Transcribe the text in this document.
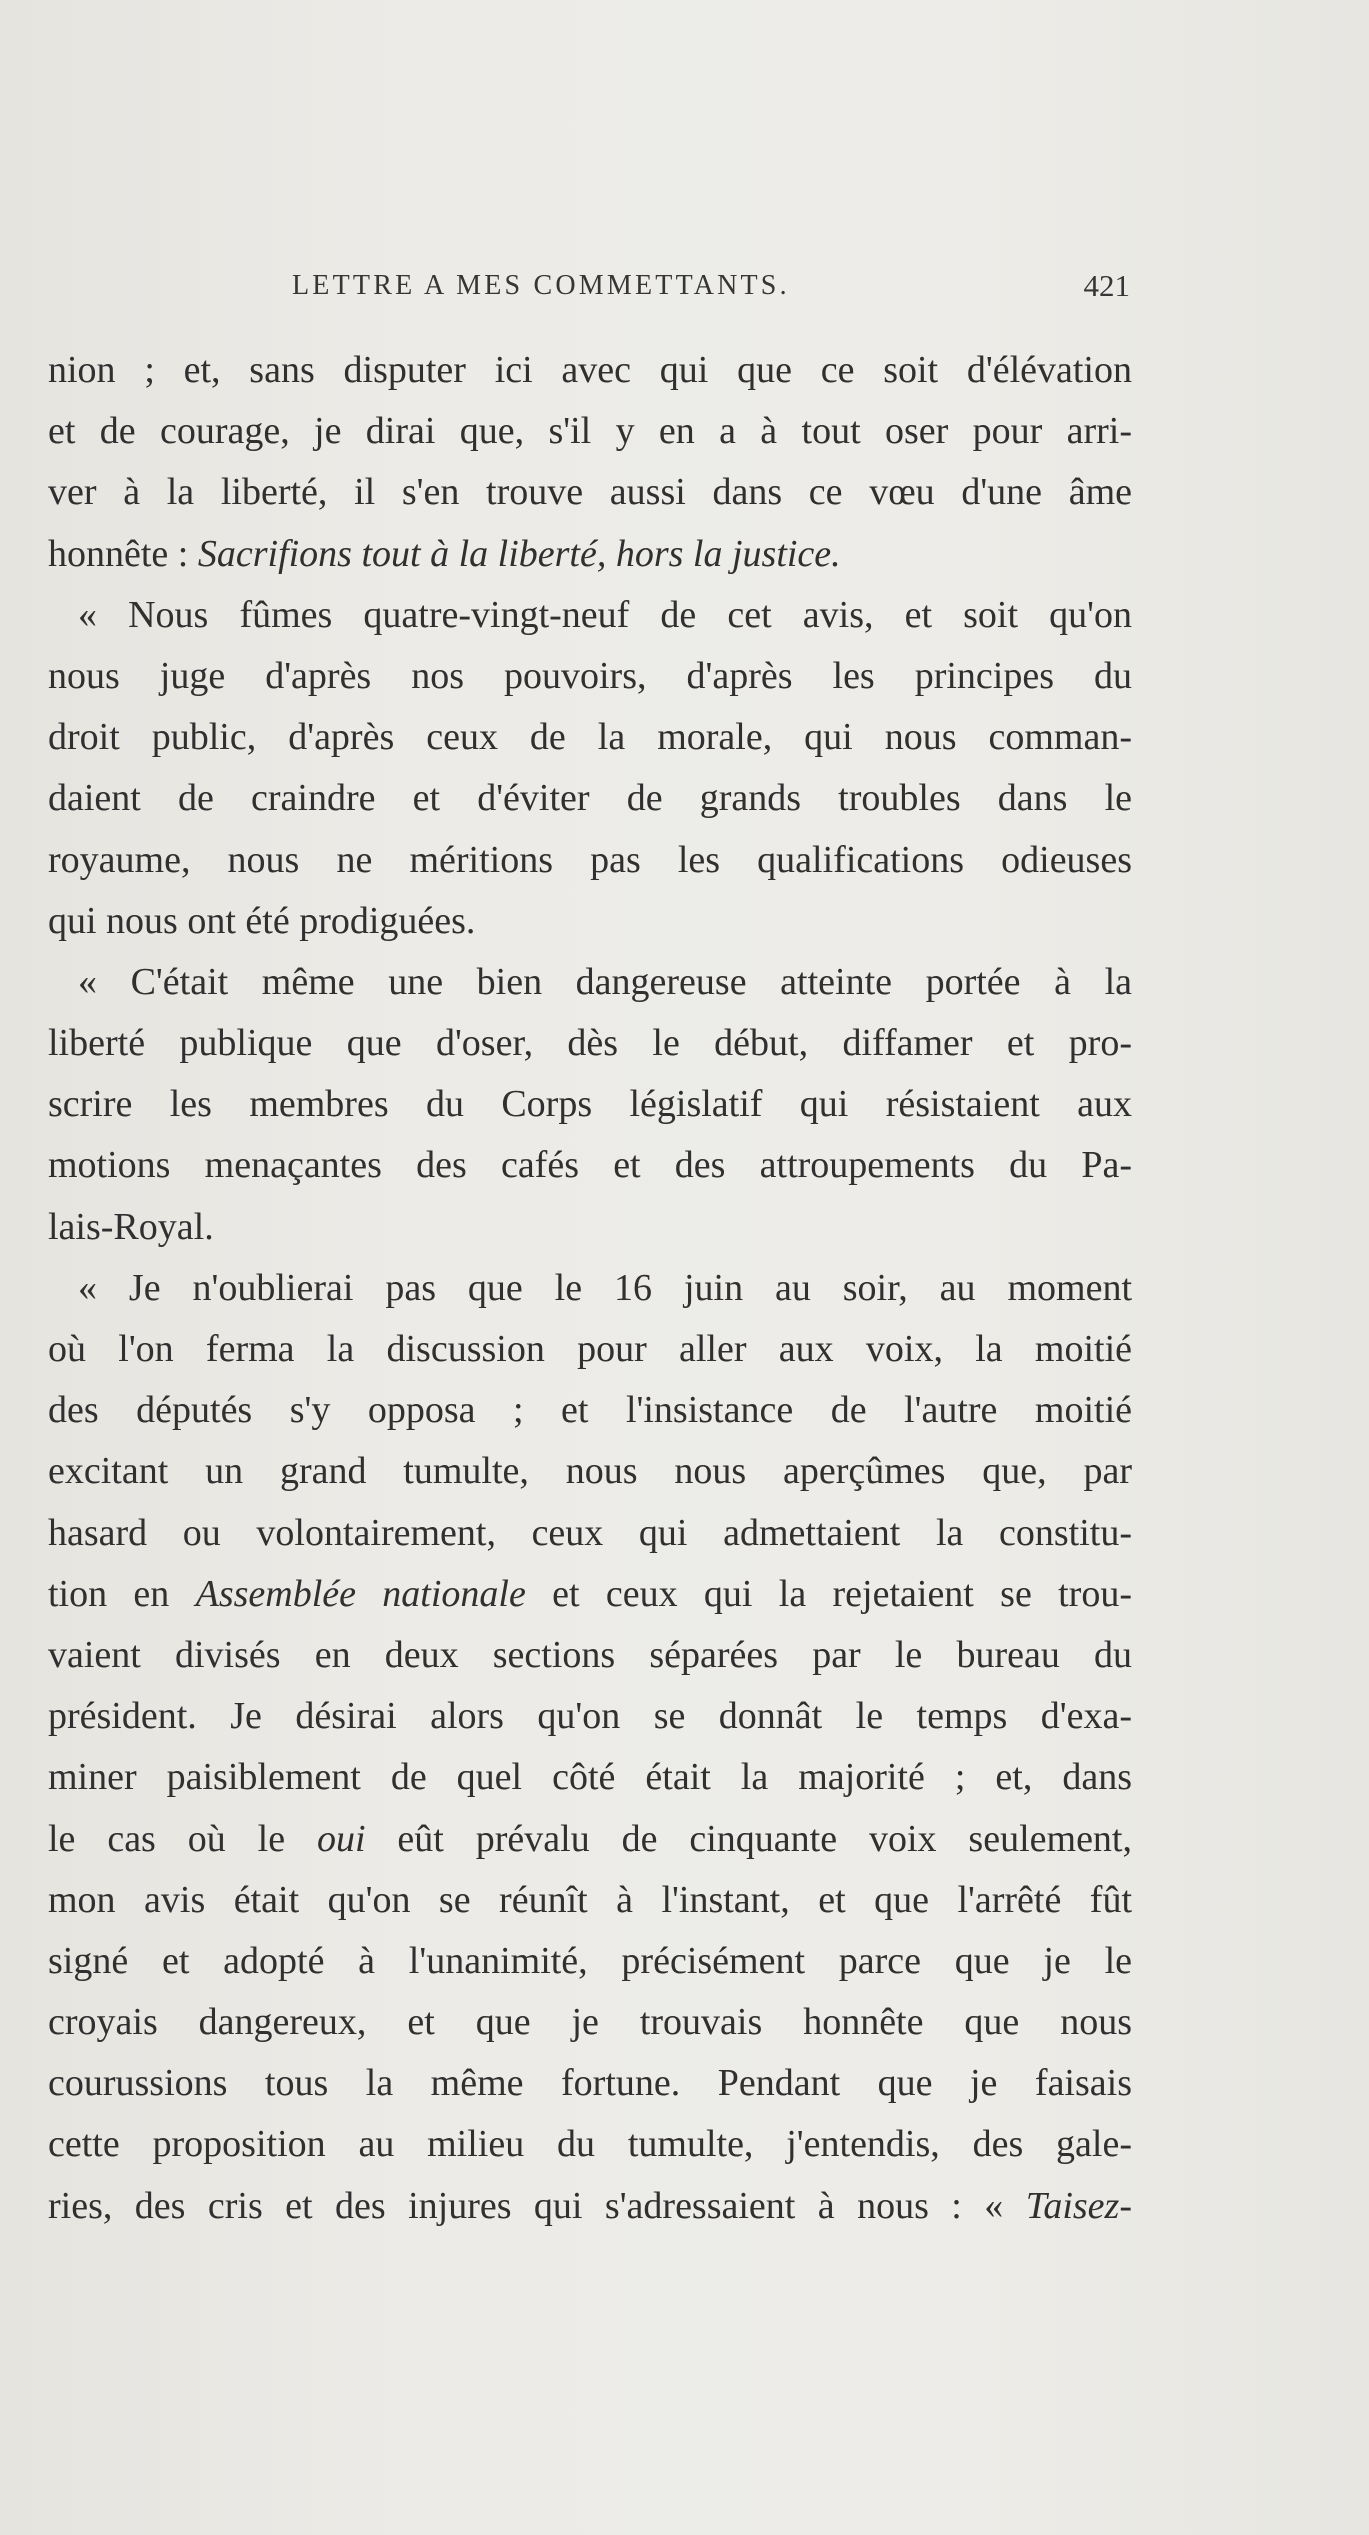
LETTRE A MES COMMETTANTS.	421
nion ; et, sans disputer ici avec qui que ce soit d'élévation
et de courage, je dirai que, s'il y en a à tout oser pour arri-
ver à la liberté, il s'en trouve aussi dans ce vœu d'une âme
honnête : Sacrifions tout à la liberté, hors la justice.
« Nous fûmes quatre-vingt-neuf de cet avis, et soit qu'on
nous juge d'après nos pouvoirs, d'après les principes du
droit public, d'après ceux de la morale, qui nous comman-
daient de craindre et d'éviter de grands troubles dans le
royaume, nous ne méritions pas les qualifications odieuses
qui nous ont été prodiguées.
« C'était même une bien dangereuse atteinte portée à la
liberté publique que d'oser, dès le début, diffamer et pro-
scrire les membres du Corps législatif qui résistaient aux
motions menaçantes des cafés et des attroupements du Pa-
lais-Royal.
« Je n'oublierai pas que le 16 juin au soir, au moment
où l'on ferma la discussion pour aller aux voix, la moitié
des députés s'y opposa ; et l'insistance de l'autre moitié
excitant un grand tumulte, nous nous aperçûmes que, par
hasard ou volontairement, ceux qui admettaient la constitu-
tion en Assemblée nationale et ceux qui la rejetaient se trou-
vaient divisés en deux sections séparées par le bureau du
président. Je désirai alors qu'on se donnât le temps d'exa-
miner paisiblement de quel côté était la majorité ; et, dans
le cas où le oui eût prévalu de cinquante voix seulement,
mon avis était qu'on se réunît à l'instant, et que l'arrêté fût
signé et adopté à l'unanimité, précisément parce que je le
croyais dangereux, et que je trouvais honnête que nous
courussions tous la même fortune. Pendant que je faisais
cette proposition au milieu du tumulte, j'entendis, des gale-
ries, des cris et des injures qui s'adressaient à nous : « Taisez-
